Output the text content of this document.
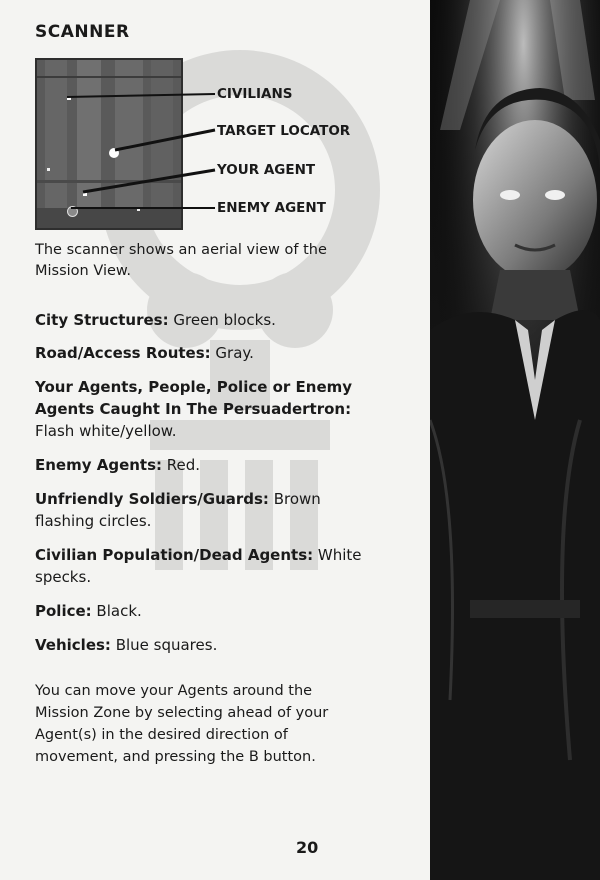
SCANNER
CIVILIANS
TARGET LOCATOR
YOUR AGENT
ENEMY AGENT

The scanner shows an aerial view of the Mission View.

City Structures: Green blocks.

Road/Access Routes: Gray.

Your Agents, People, Police or Enemy Agents Caught In The Persuadertron: Flash white/yellow.

Enemy Agents: Red.

Unfriendly Soldiers/Guards: Brown flashing circles.

Civilian Population/Dead Agents: White specks.

Police: Black.

Vehicles: Blue squares.

You can move your Agents around the Mission Zone by selecting ahead of your Agent(s) in the desired direction of movement, and pressing the B button.

20
